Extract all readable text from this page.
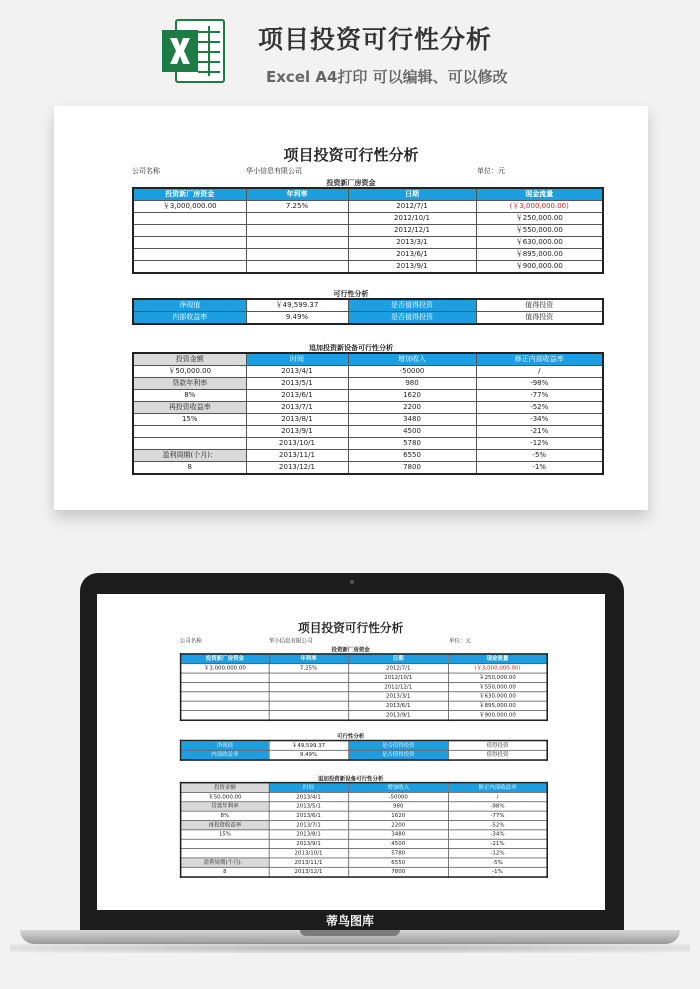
项目投资可行性分析
Excel A4打印 可以编辑、可以修改
项目投资可行性分析
公司名称	华小信息有限公司	单位：元
投资新厂房资金
投资新厂房资金	年利率	日期	现金流量
￥3,000,000.00	7.25%	2012/7/1	(￥3,000,000.00)
		2012/10/1	￥250,000.00
		2012/12/1	￥550,000.00
		2013/3/1	￥630,000.00
		2013/6/1	￥895,000.00
		2013/9/1	￥900,000.00
可行性分析
净现值	￥49,599.37	是否值得投资	值得投资
内部收益率	9.49%	是否值得投资	值得投资
追加投资新设备可行性分析
投资金额	时间	增加收入	修正内部收益率
￥50,000.00	2013/4/1	-50000	/
贷款年利率	2013/5/1	980	-98%
8%	2013/6/1	1620	-77%
再投资收益率	2013/7/1	2200	-52%
15%	2013/8/1	3480	-34%
	2013/9/1	4500	-21%
	2013/10/1	5780	-12%
盈利周期(个月)：	2013/11/1	6550	-5%
8	2013/12/1	7800	-1%
项目投资可行性分析
公司名称	华小信息有限公司	单位：元
投资新厂房资金
投资新厂房资金	年利率	日期	现金流量
￥3,000,000.00	7.25%	2012/7/1	(￥3,000,000.00)
		2012/10/1	￥250,000.00
		2012/12/1	￥550,000.00
		2013/3/1	￥630,000.00
		2013/6/1	￥895,000.00
		2013/9/1	￥900,000.00
可行性分析
净现值	￥49,599.37	是否值得投资	值得投资
内部收益率	9.49%	是否值得投资	值得投资
追加投资新设备可行性分析
投资金额	时间	增加收入	修正内部收益率
￥50,000.00	2013/4/1	-50000	/
贷款年利率	2013/5/1	980	-98%
8%	2013/6/1	1620	-77%
再投资收益率	2013/7/1	2200	-52%
15%	2013/8/1	3480	-34%
	2013/9/1	4500	-21%
	2013/10/1	5780	-12%
盈利周期(个月)：	2013/11/1	6550	-5%
8	2013/12/1	7800	-1%
蒂鸟图库
